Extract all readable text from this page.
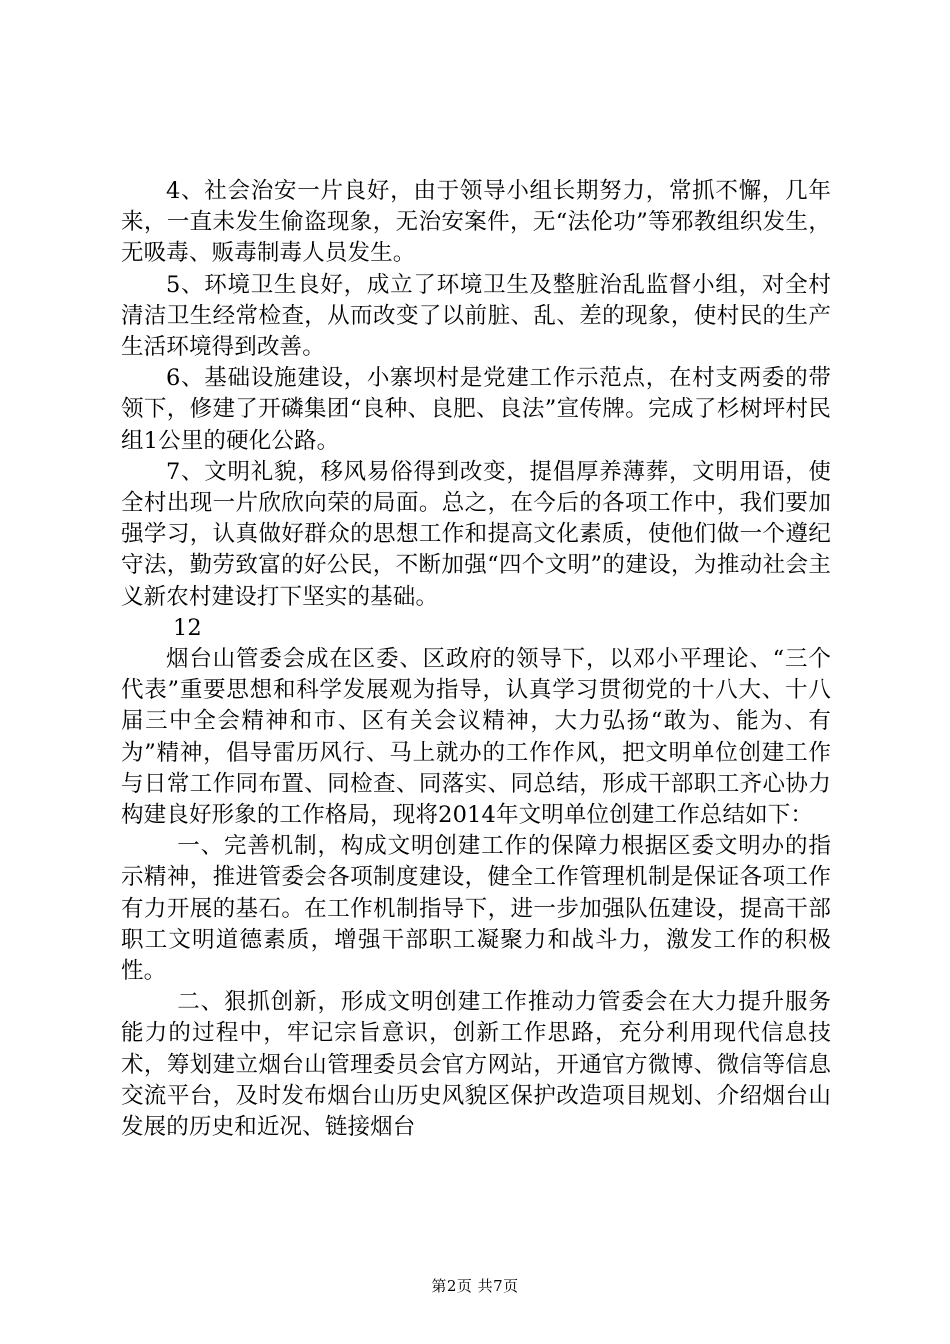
4、社会治安一片良好，由于领导小组长期努力，常抓不懈，几年来，一直未发生偷盗现象，无治安案件，无“法伦功”等邪教组织发生，无吸毒、贩毒制毒人员发生。

5、环境卫生良好，成立了环境卫生及整脏治乱监督小组，对全村清洁卫生经常检查，从而改变了以前脏、乱、差的现象，使村民的生产生活环境得到改善。

6、基础设施建设，小寨坝村是党建工作示范点，在村支两委的带领下，修建了开磷集团“良种、良肥、良法”宣传牌。完成了杉树坪村民组1公里的硬化公路。

7、文明礼貌，移风易俗得到改变，提倡厚养薄葬，文明用语，使全村出现一片欣欣向荣的局面。总之，在今后的各项工作中，我们要加强学习，认真做好群众的思想工作和提高文化素质，使他们做一个遵纪守法，勤劳致富的好公民，不断加强“四个文明”的建设，为推动社会主义新农村建设打下坚实的基础。

12

烟台山管委会成在区委、区政府的领导下，以邓小平理论、“三个代表”重要思想和科学发展观为指导，认真学习贯彻党的十八大、十八届三中全会精神和市、区有关会议精神，大力弘扬“敢为、能为、有为”精神，倡导雷历风行、马上就办的工作作风，把文明单位创建工作与日常工作同布置、同检查、同落实、同总结，形成干部职工齐心协力构建良好形象的工作格局，现将2014年文明单位创建工作总结如下：

一、完善机制，构成文明创建工作的保障力根据区委文明办的指示精神，推进管委会各项制度建设，健全工作管理机制是保证各项工作有力开展的基石。在工作机制指导下，进一步加强队伍建设，提高干部职工文明道德素质，增强干部职工凝聚力和战斗力，激发工作的积极性。

二、狠抓创新，形成文明创建工作推动力管委会在大力提升服务能力的过程中，牢记宗旨意识，创新工作思路，充分利用现代信息技术，筹划建立烟台山管理委员会官方网站，开通官方微博、微信等信息交流平台，及时发布烟台山历史风貌区保护改造项目规划、介绍烟台山发展的历史和近况、链接烟台

第2页 共7页
